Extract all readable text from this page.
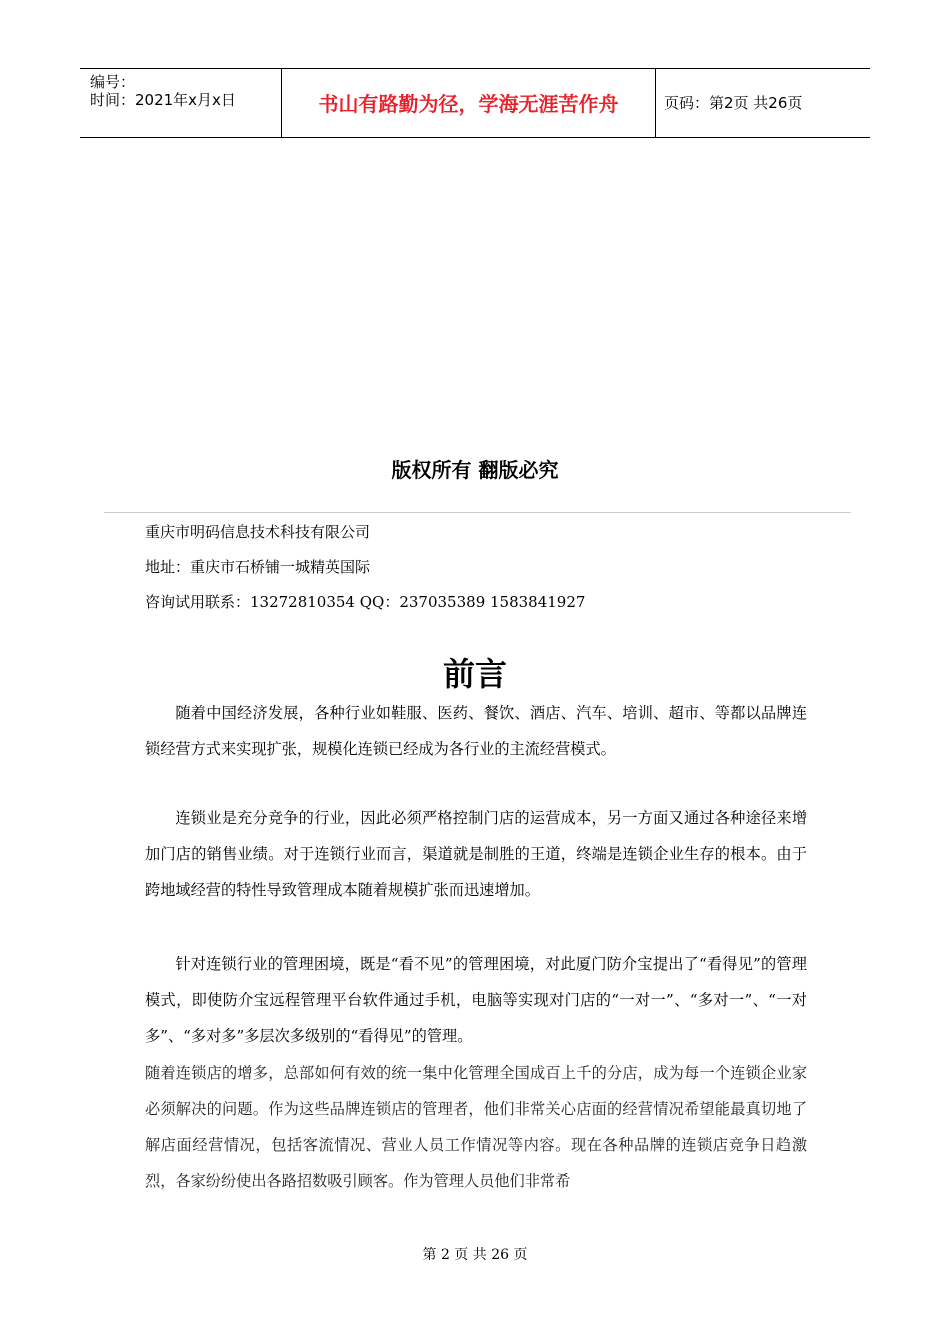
编号：
时间：2021年x月x日	书山有路勤为径，学海无涯苦作舟	页码：第2页 共26页
版权所有 翻版必究
重庆市明码信息技术科技有限公司
地址：重庆市石桥铺一城精英国际
咨询试用联系：13272810354 QQ：237035389 1583841927
前言

随着中国经济发展，各种行业如鞋服、医药、餐饮、酒店、汽车、培训、超市、等都以品牌连锁经营方式来实现扩张，规模化连锁已经成为各行业的主流经营模式。

连锁业是充分竞争的行业，因此必须严格控制门店的运营成本，另一方面又通过各种途径来增加门店的销售业绩。对于连锁行业而言，渠道就是制胜的王道，终端是连锁企业生存的根本。由于跨地域经营的特性导致管理成本随着规模扩张而迅速增加。

针对连锁行业的管理困境，既是“看不见”的管理困境，对此厦门防介宝提出了“看得见”的管理模式，即使防介宝远程管理平台软件通过手机，电脑等实现对门店的“一对一”、“多对一”、“一对多”、“多对多”多层次多级别的“看得见”的管理。

随着连锁店的增多，总部如何有效的统一集中化管理全国成百上千的分店，成为每一个连锁企业家必须解决的问题。作为这些品牌连锁店的管理者，他们非常关心店面的经营情况希望能最真切地了解店面经营情况，包括客流情况、营业人员工作情况等内容。现在各种品牌的连锁店竞争日趋激烈，各家纷纷使出各路招数吸引顾客。作为管理人员他们非常希

第 2 页 共 26 页
